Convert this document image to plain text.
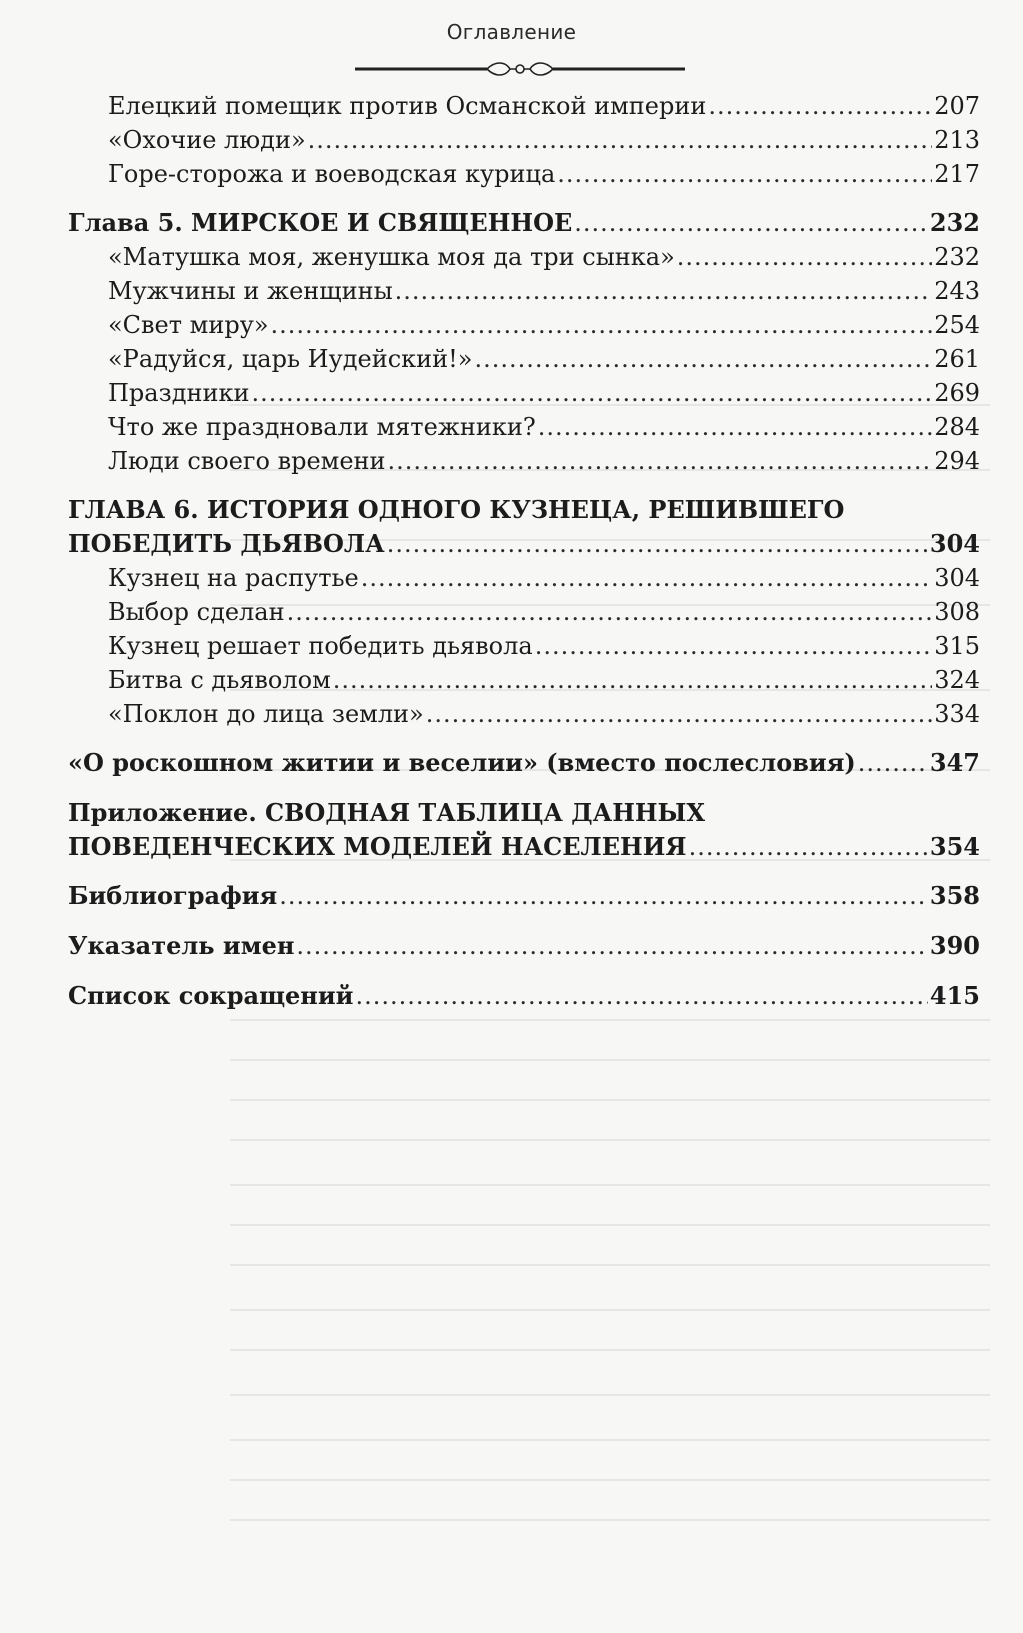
Оглавление
Елецкий помещик против Османской империи .....	207
«Охочие люди» .....	213
Горе-сторожа и воеводская курица .....	217
Глава 5. МИРСКОЕ И СВЯЩЕННОЕ .....	232
«Матушка моя, женушка моя да три сынка» .....	232
Мужчины и женщины .....	243
«Свет миру» .....	254
«Радуйся, царь Иудейский!» .....	261
Праздники .....	269
Что же праздновали мятежники? .....	284
Люди своего времени .....	294
ГЛАВА 6. ИСТОРИЯ ОДНОГО КУЗНЕЦА, РЕШИВШЕГО
ПОБЕДИТЬ ДЬЯВОЛА .....	304
Кузнец на распутье .....	304
Выбор сделан .....	308
Кузнец решает победить дьявола .....	315
Битва с дьяволом .....	324
«Поклон до лица земли» .....	334
«О роскошном житии и веселии» (вместо послесловия) .....	347
Приложение. СВОДНАЯ ТАБЛИЦА ДАННЫХ
ПОВЕДЕНЧЕСКИХ МОДЕЛЕЙ НАСЕЛЕНИЯ .....	354
Библиография .....	358
Указатель имен .....	390
Список сокращений .....	415
